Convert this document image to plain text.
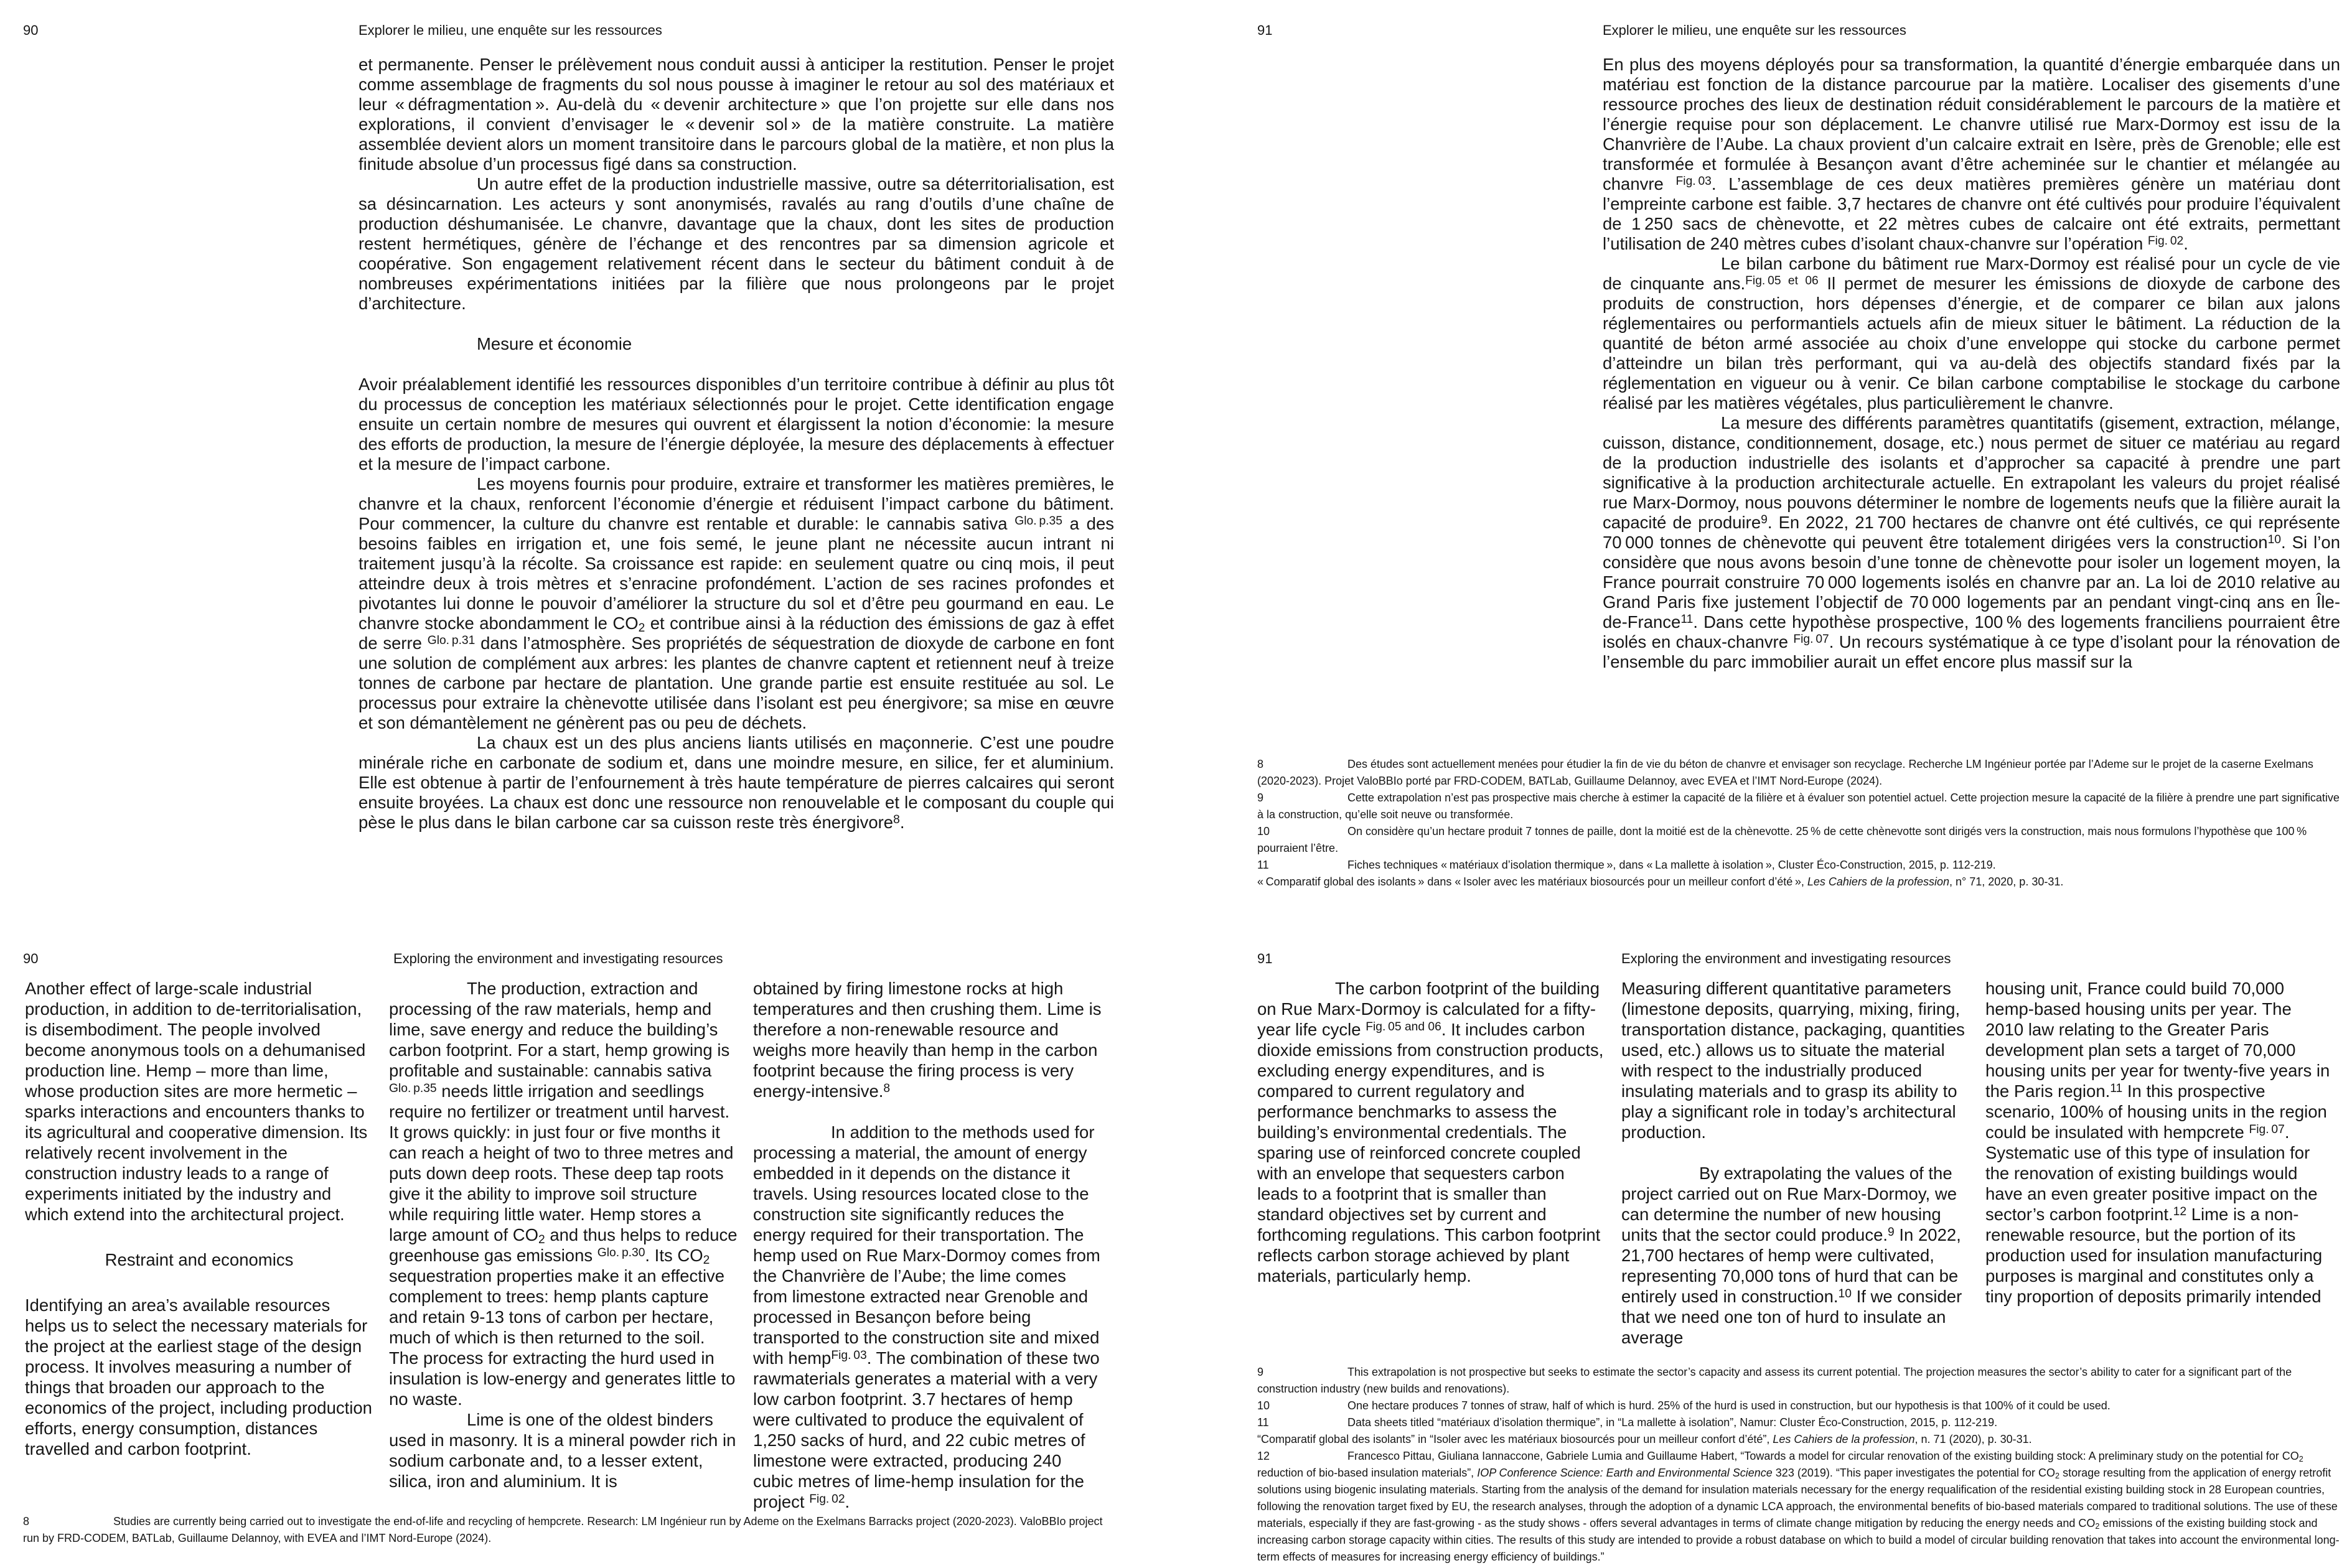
90	Explorer le milieu, une enquête sur les ressources
et permanente. Penser le prélèvement nous conduit aussi à anticiper la restitution. Penser le projet comme assemblage de fragments du sol nous pousse à imaginer le retour au sol des matériaux et leur « défragmentation ». Au-delà du « devenir architecture » que l’on projette sur elle dans nos explorations, il convient d’envisager le « devenir sol » de la matière construite. La matière assemblée devient alors un moment transitoire dans le parcours global de la matière, et non plus la finitude absolue d’un processus figé dans sa construction.
Un autre effet de la production industrielle massive, outre sa déterritorialisation, est sa désincarnation. Les acteurs y sont anonymisés, ravalés au rang d’outils d’une chaîne de production déshumanisée. Le chanvre, davantage que la chaux, dont les sites de production restent hermétiques, génère de l’échange et des rencontres par sa dimension agricole et coopérative. Son engagement relativement récent dans le secteur du bâtiment conduit à de nombreuses expérimentations initiées par la filière que nous prolongeons par le projet d’architecture.
Mesure et économie
Avoir préalablement identifié les ressources disponibles d’un territoire contribue à définir au plus tôt du processus de conception les matériaux sélectionnés pour le projet. Cette identification engage ensuite un certain nombre de mesures qui ouvrent et élargissent la notion d’économie: la mesure des efforts de production, la mesure de l’énergie déployée, la mesure des déplacements à effectuer et la mesure de l’impact carbone.
Les moyens fournis pour produire, extraire et transformer les matières premières, le chanvre et la chaux, renforcent l’économie d’énergie et réduisent l’impact carbone du bâtiment. Pour commencer, la culture du chanvre est rentable et durable: le cannabis sativa $^{Glo. p.35}$ a des besoins faibles en irrigation et, une fois semé, le jeune plant ne nécessite aucun intrant ni traitement jusqu’à la récolte. Sa croissance est rapide: en seulement quatre ou cinq mois, il peut atteindre deux à trois mètres et s’enracine profondément. L’action de ses racines profondes et pivotantes lui donne le pouvoir d’améliorer la structure du sol et d’être peu gourmand en eau. Le chanvre stocke abondamment le $CO_2$ et contribue ainsi à la réduction des émissions de gaz à effet de serre $^{Glo. p.31}$ dans l’atmosphère. Ses propriétés de séquestration de dioxyde de carbone en font une solution de complément aux arbres: les plantes de chanvre captent et retiennent neuf à treize tonnes de carbone par hectare de plantation. Une grande partie est ensuite restituée au sol. Le processus pour extraire la chènevotte utilisée dans l’isolant est peu énergivore; sa mise en œuvre et son démantèlement ne génèrent pas ou peu de déchets.
La chaux est un des plus anciens liants utilisés en maçonnerie. C’est une poudre minérale riche en carbonate de sodium et, dans une moindre mesure, en silice, fer et aluminium. Elle est obtenue à partir de l’enfournement à très haute température de pierres calcaires qui seront ensuite broyées. La chaux est donc une ressource non renouvelable et le composant du couple qui pèse le plus dans le bilan carbone car sa cuisson reste très énergivore$^8$.
91	Explorer le milieu, une enquête sur les ressources
En plus des moyens déployés pour sa transformation, la quantité d’énergie embarquée dans un matériau est fonction de la distance parcourue par la matière. Localiser des gisements d’une ressource proches des lieux de destination réduit considérablement le parcours de la matière et l’énergie requise pour son déplacement. Le chanvre utilisé rue Marx-Dormoy est issu de la Chanvrière de l’Aube. La chaux provient d’un calcaire extrait en Isère, près de Grenoble; elle est transformée et formulée à Besançon avant d’être acheminée sur le chantier et mélangée au chanvre $^{Fig. 03}$. L’assemblage de ces deux matières premières génère un matériau dont l’empreinte carbone est faible. 3,7 hectares de chanvre ont été cultivés pour produire l’équivalent de 1 250 sacs de chènevotte, et 22 mètres cubes de calcaire ont été extraits, permettant l’utilisation de 240 mètres cubes d’isolant chaux-chanvre sur l’opération $^{Fig. 02}$.
Le bilan carbone du bâtiment rue Marx-Dormoy est réalisé pour un cycle de vie de cinquante ans.$^{Fig. 05 et 06}$ Il permet de mesurer les émissions de dioxyde de carbone des produits de construction, hors dépenses d’énergie, et de comparer ce bilan aux jalons réglementaires ou performantiels actuels afin de mieux situer le bâtiment. La réduction de la quantité de béton armé associée au choix d’une enveloppe qui stocke du carbone permet d’atteindre un bilan très performant, qui va au-delà des objectifs standard fixés par la réglementation en vigueur ou à venir. Ce bilan carbone comptabilise le stockage du carbone réalisé par les matières végétales, plus particulièrement le chanvre.
La mesure des différents paramètres quantitatifs (gisement, extraction, mélange, cuisson, distance, conditionnement, dosage, etc.) nous permet de situer ce matériau au regard de la production industrielle des isolants et d’approcher sa capacité à prendre une part significative à la production architecturale actuelle. En extrapolant les valeurs du projet réalisé rue Marx-Dormoy, nous pouvons déterminer le nombre de logements neufs que la filière aurait la capacité de produire$^9$. En 2022, 21 700 hectares de chanvre ont été cultivés, ce qui représente 70 000 tonnes de chènevotte qui peuvent être totalement dirigées vers la construction$^{10}$. Si l’on considère que nous avons besoin d’une tonne de chènevotte pour isoler un logement moyen, la France pourrait construire 70 000 logements isolés en chanvre par an. La loi de 2010 relative au Grand Paris fixe justement l’objectif de 70 000 logements par an pendant vingt-cinq ans en Île-de-France$^{11}$. Dans cette hypothèse prospective, 100 % des logements franciliens pourraient être isolés en chaux-chanvre $^{Fig. 07}$. Un recours systématique à ce type d’isolant pour la rénovation de l’ensemble du parc immobilier aurait un effet encore plus massif sur la
8	Des études sont actuellement menées pour étudier la fin de vie du béton de chanvre et envisager son recyclage. Recherche LM Ingénieur portée par l’Ademe sur le projet de la caserne Exelmans (2020-2023). Projet ValoBBIo porté par FRD-CODEM, BATLab, Guillaume Delannoy, avec EVEA et l’IMT Nord-Europe (2024).
9	Cette extrapolation n’est pas prospective mais cherche à estimer la capacité de la filière et à évaluer son potentiel actuel. Cette projection mesure la capacité de la filière à prendre une part significative à la construction, qu’elle soit neuve ou transformée.
10	On considère qu’un hectare produit 7 tonnes de paille, dont la moitié est de la chènevotte. 25 % de cette chènevotte sont dirigés vers la construction, mais nous formulons l’hypothèse que 100 % pourraient l’être.
11	Fiches techniques « matériaux d’isolation thermique », dans « La mallette à isolation », Cluster Éco-Construction, 2015, p. 112-219.
« Comparatif global des isolants » dans « Isoler avec les matériaux biosourcés pour un meilleur confort d’été », Les Cahiers de la profession, n° 71, 2020, p. 30-31.
90	Exploring the environment and investigating resources
Another effect of large-scale industrial production, in addition to de-territorialisation, is disembodiment. The people involved become anonymous tools on a dehumanised production line. Hemp – more than lime, whose production sites are more hermetic – sparks interactions and encounters thanks to its agricultural and cooperative dimension. Its relatively recent involvement in the construction industry leads to a range of experiments initiated by the industry and which extend into the architectural project.
Restraint and economics
Identifying an area’s available resources helps us to select the necessary materials for the project at the earliest stage of the design process. It involves measuring a number of things that broaden our approach to the economics of the project, including production efforts, energy consumption, distances travelled and carbon footprint.
The production, extraction and processing of the raw materials, hemp and lime, save energy and reduce the building’s carbon footprint. For a start, hemp growing is profitable and sustainable: cannabis sativa $^{Glo. p.35}$ needs little irrigation and seedlings require no fertilizer or treatment until harvest. It grows quickly: in just four or five months it can reach a height of two to three metres and puts down deep roots. These deep tap roots give it the ability to improve soil structure while requiring little water. Hemp stores a large amount of $CO_2$ and thus helps to reduce greenhouse gas emissions $^{Glo. p.30}$. Its $CO_2$ sequestration properties make it an effective complement to trees: hemp plants capture and retain 9-13 tons of carbon per hectare, much of which is then returned to the soil. The process for extracting the hurd used in insulation is low-energy and generates little to no waste.
Lime is one of the oldest binders used in masonry. It is a mineral powder rich in sodium carbonate and, to a lesser extent, silica, iron and aluminium. It is
obtained by firing limestone rocks at high temperatures and then crushing them. Lime is therefore a non-renewable resource and weighs more heavily than hemp in the carbon footprint because the firing process is very energy-intensive.$^8$
In addition to the methods used for processing a material, the amount of energy embedded in it depends on the distance it travels. Using resources located close to the construction site significantly reduces the energy required for their transportation. The hemp used on Rue Marx-Dormoy comes from the Chanvrière de l’Aube; the lime comes from limestone extracted near Grenoble and processed in Besançon before being transported to the construction site and mixed with hemp$^{Fig. 03}$. The combination of these two rawmaterials generates a material with a very low carbon footprint. 3.7 hectares of hemp were cultivated to produce the equivalent of 1,250 sacks of hurd, and 22 cubic metres of limestone were extracted, producing 240 cubic metres of lime-hemp insulation for the project $^{Fig. 02}$.
8	Studies are currently being carried out to investigate the end-of-life and recycling of hempcrete. Research: LM Ingénieur run by Ademe on the Exelmans Barracks project (2020-2023). ValoBBIo project run by FRD-CODEM, BATLab, Guillaume Delannoy, with EVEA and l’IMT Nord-Europe (2024).
91	Exploring the environment and investigating resources
The carbon footprint of the building on Rue Marx-Dormoy is calculated for a fifty-year life cycle $^{Fig. 05 and 06}$. It includes carbon dioxide emissions from construction products, excluding energy expenditures, and is compared to current regulatory and performance benchmarks to assess the building’s environmental credentials. The sparing use of reinforced concrete coupled with an envelope that sequesters carbon leads to a footprint that is smaller than standard objectives set by current and forthcoming regulations. This carbon footprint reflects carbon storage achieved by plant materials, particularly hemp.
Measuring different quantitative parameters (limestone deposits, quarrying, mixing, firing, transportation distance, packaging, quantities used, etc.) allows us to situate the material with respect to the industrially produced insulating materials and to grasp its ability to play a significant role in today’s architectural production.
By extrapolating the values of the project carried out on Rue Marx-Dormoy, we can determine the number of new housing units that the sector could produce.$^9$ In 2022, 21,700 hectares of hemp were cultivated, representing 70,000 tons of hurd that can be entirely used in construction.$^{10}$ If we consider that we need one ton of hurd to insulate an average
housing unit, France could build 70,000 hemp-based housing units per year. The 2010 law relating to the Greater Paris development plan sets a target of 70,000 housing units per year for twenty-five years in the Paris region.$^{11}$ In this prospective scenario, 100% of housing units in the region could be insulated with hempcrete $^{Fig. 07}$. Systematic use of this type of insulation for the renovation of existing buildings would have an even greater positive impact on the sector’s carbon footprint.$^{12}$ Lime is a non-renewable resource, but the portion of its production used for insulation manufacturing purposes is marginal and constitutes only a tiny proportion of deposits primarily intended
9	This extrapolation is not prospective but seeks to estimate the sector’s capacity and assess its current potential. The projection measures the sector’s ability to cater for a significant part of the construction industry (new builds and renovations).
10	One hectare produces 7 tonnes of straw, half of which is hurd. 25% of the hurd is used in construction, but our hypothesis is that 100% of it could be used.
11	Data sheets titled “matériaux d’isolation thermique”, in “La mallette à isolation”, Namur: Cluster Éco-Construction, 2015, p. 112-219.
“Comparatif global des isolants” in “Isoler avec les matériaux biosourcés pour un meilleur confort d’été”, Les Cahiers de la profession, n. 71 (2020), p. 30-31.
12	Francesco Pittau, Giuliana Iannaccone, Gabriele Lumia and Guillaume Habert, “Towards a model for circular renovation of the existing building stock: A preliminary study on the potential for $CO_2$ reduction of bio-based insulation materials”, IOP Conference Science: Earth and Environmental Science 323 (2019). “This paper investigates the potential for $CO_2$ storage resulting from the application of energy retrofit solutions using biogenic insulating materials. Starting from the analysis of the demand for insulation materials necessary for the energy requalification of the residential existing building stock in 28 European countries, following the renovation target fixed by EU, the research analyses, through the adoption of a dynamic LCA approach, the environmental benefits of bio-based materials compared to traditional solutions. The use of these materials, especially if they are fast-growing - as the study shows - offers several advantages in terms of climate change mitigation by reducing the energy needs and $CO_2$ emissions of the existing building stock and increasing carbon storage capacity within cities. The results of this study are intended to provide a robust database on which to build a model of circular building renovation that takes into account the environmental long-term effects of measures for increasing energy efficiency of buildings.”
